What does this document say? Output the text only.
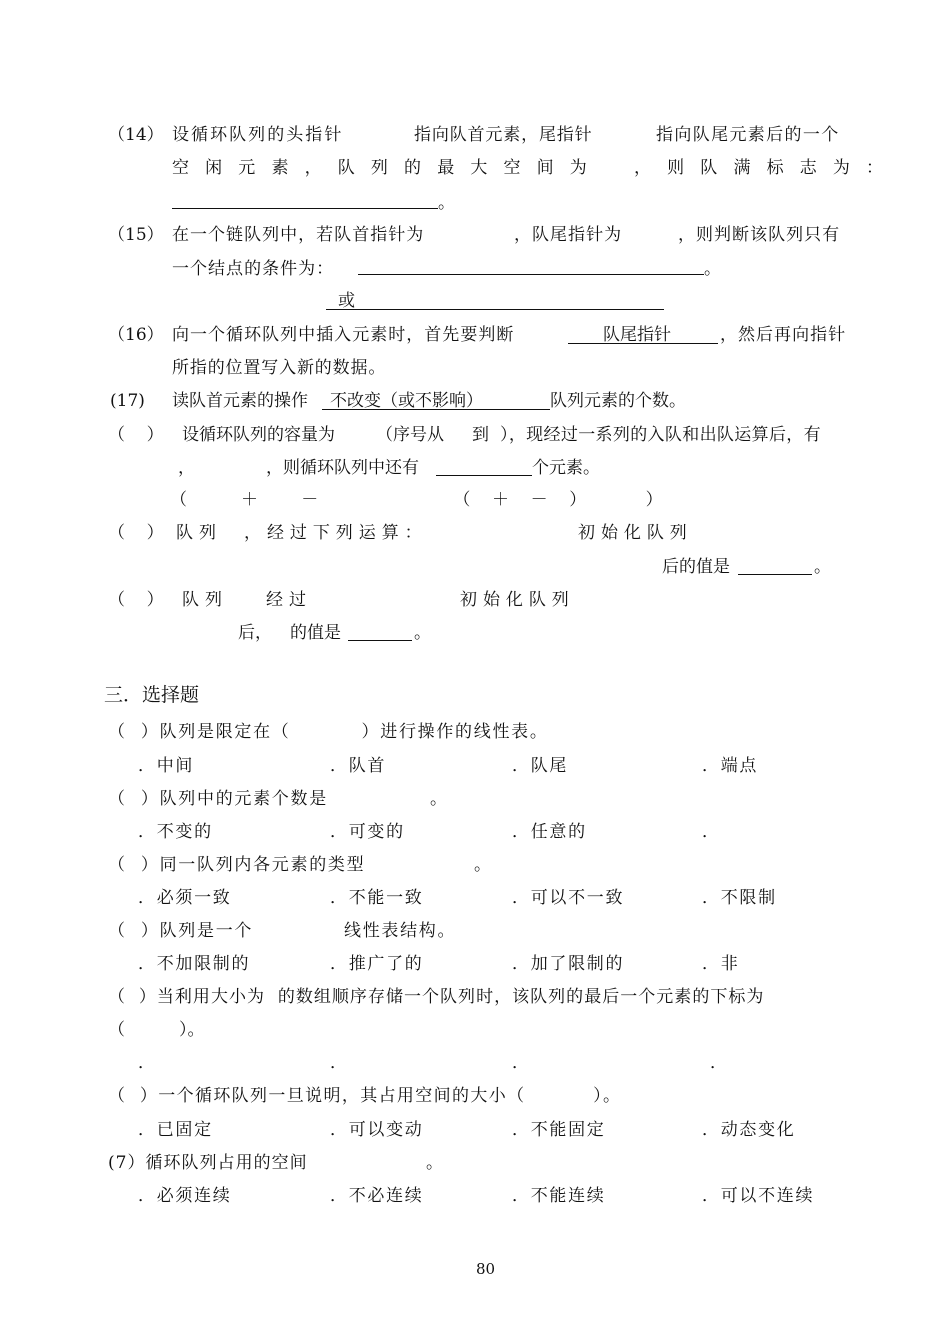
（14） 设循环队列的头指针	指向队首元素，尾指针	指向队尾元素后的一个
空闲元素，队列的最大空间为 ，则队满标志为：
。
（15） 在一个链队列中，若队首指针为	，队尾指针为	，则判断该队列只有
一个结点的条件为：	。
或
（16） 向一个循环队列中插入元素时，首先要判断	队尾指针	，然后再向指针
所指的位置写入新的数据。
(17) 读队首元素的操作 不改变（或不影响）	队列元素的个数。
（    ） 设循环队列的容量为 （序号从 到 ），现经过一系列的入队和出队运算后，有
，	，则循环队列中还有	个元素。
（          ＋        －                         （    ＋    －    ）           ）
（    ） 队列 ，经过下列运算：	初始化队列
后的值是	。
（    ） 队列 经过	初始化队列
后， 的值是	。
三．选择题
（  ）队列是限定在（          ）进行操作的线性表。
．中间	．队首	．队尾	．端点
（  ）队列中的元素个数是	。
．不变的	．可变的	．任意的	．
（  ）同一队列内各元素的类型	。
．必须一致	．不能一致	．可以不一致	．不限制
（  ）队列是一个	线性表结构。
．不加限制的	．推广了的	．加了限制的	．非
（  ）当利用大小为  的数组顺序存储一个队列时，该队列的最后一个元素的下标为
（          ）。
．	．	．	．
（  ）一个循环队列一旦说明，其占用空间的大小（          ）。
．已固定	．可以变动	．不能固定	．动态变化
(7）循环队列占用的空间	。
．必须连续	．不必连续	．不能连续	．可以不连续
80
